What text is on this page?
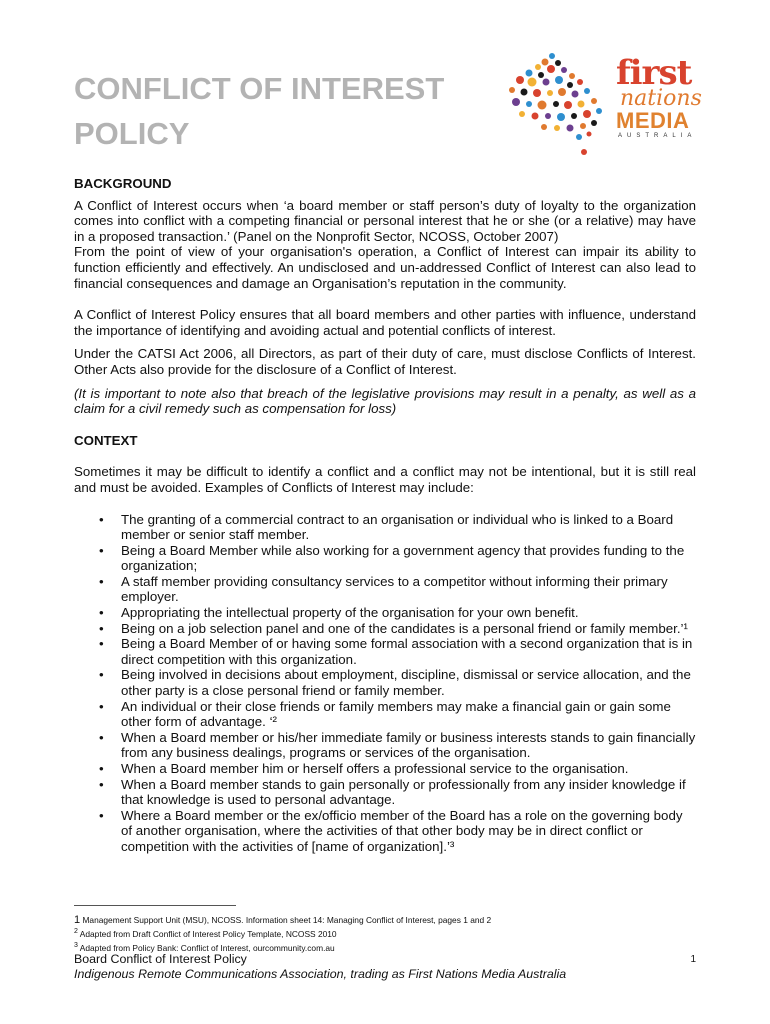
CONFLICT OF INTEREST
POLICY
first
nations
MEDIA
AUSTRALIA
BACKGROUND

A Conflict of Interest occurs when ‘a board member or staff person’s duty of loyalty to the organization comes into conflict with a competing financial or personal interest that he or she (or a relative) may have in a proposed transaction.’ (Panel on the Nonprofit Sector, NCOSS, October 2007)

From the point of view of your organisation's operation, a Conflict of Interest can impair its ability to function efficiently and effectively. An undisclosed and un-addressed Conflict of Interest can also lead to financial consequences and damage an Organisation’s reputation in the community.

A Conflict of Interest Policy ensures that all board members and other parties with influence, understand the importance of identifying and avoiding actual and potential conflicts of interest.

Under the CATSI Act 2006, all Directors, as part of their duty of care, must disclose Conflicts of Interest. Other Acts also provide for the disclosure of a Conflict of Interest.

(It is important to note also that breach of the legislative provisions may result in a penalty, as well as a claim for a civil remedy such as compensation for loss)

CONTEXT

Sometimes it may be difficult to identify a conflict and a conflict may not be intentional, but it is still real and must be avoided. Examples of Conflicts of Interest may include:

• The granting of a commercial contract to an organisation or individual who is linked to a Board member or senior staff member.
• Being a Board Member while also working for a government agency that provides funding to the organization;
• A staff member providing consultancy services to a competitor without informing their primary employer.
• Appropriating the intellectual property of the organisation for your own benefit.
• Being on a job selection panel and one of the candidates is a personal friend or family member.’¹
• Being a Board Member of or having some formal association with a second organization that is in direct competition with this organization.
• Being involved in decisions about employment, discipline, dismissal or service allocation, and the other party is a close personal friend or family member.
• An individual or their close friends or family members may make a financial gain or gain some other form of advantage. ‘²
• When a Board member or his/her immediate family or business interests stands to gain financially from any business dealings, programs or services of the organisation.
• When a Board member him or herself offers a professional service to the organisation.
• When a Board member stands to gain personally or professionally from any insider knowledge if that knowledge is used to personal advantage.
• Where a Board member or the ex/officio member of the Board has a role on the governing body of another organisation, where the activities of that other body may be in direct conflict or competition with the activities of [name of organization].’³
1 Management Support Unit (MSU), NCOSS. Information sheet 14: Managing Conflict of Interest, pages 1 and 2
$^2$ Adapted from Draft Conflict of Interest Policy Template, NCOSS 2010
$^3$ Adapted from Policy Bank: Conflict of Interest, ourcommunity.com.au
Board Conflict of Interest Policy
Indigenous Remote Communications Association, trading as First Nations Media Australia
1
